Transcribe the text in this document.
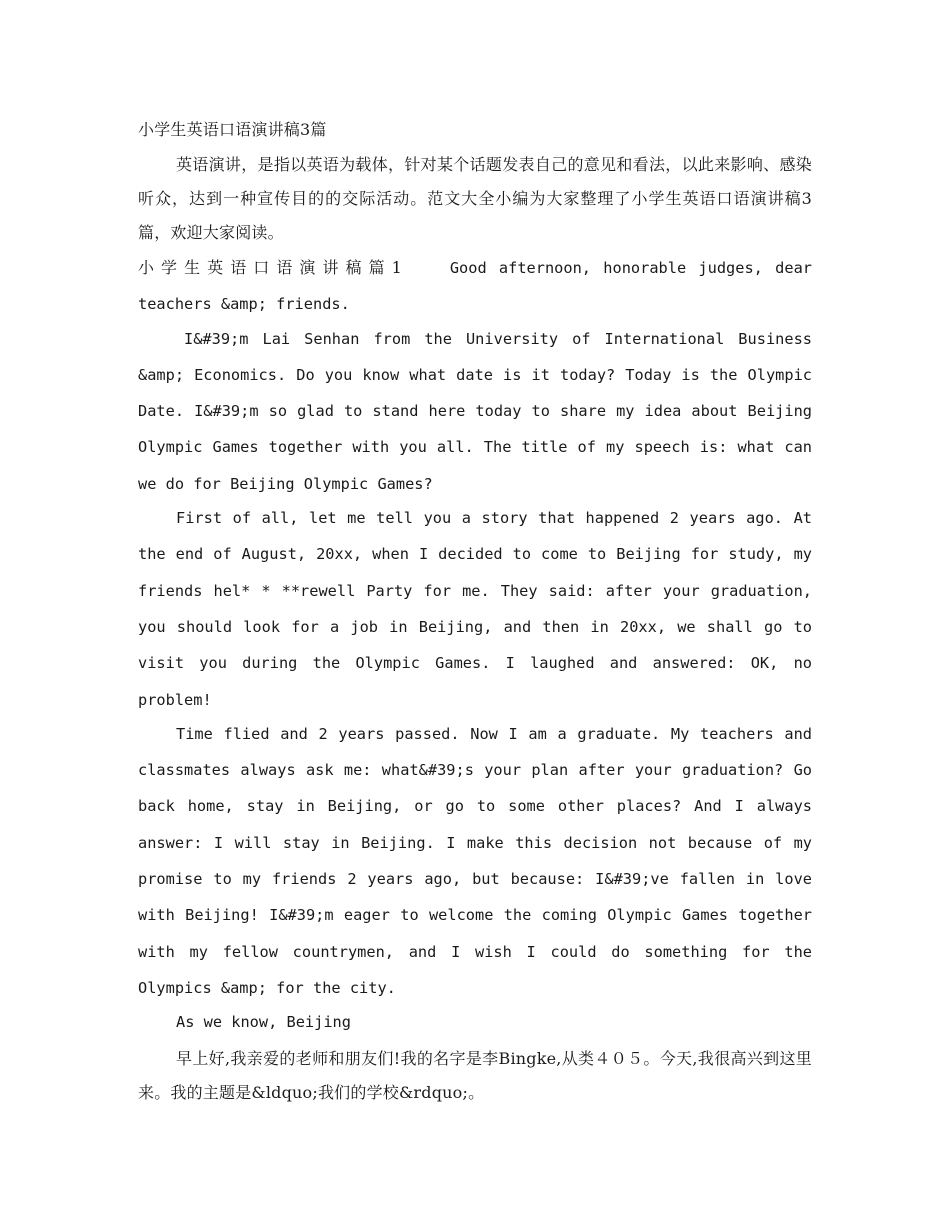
小学生英语口语演讲稿3篇

英语演讲，是指以英语为载体，针对某个话题发表自己的意见和看法，以此来影响、感染听众，达到一种宣传目的的交际活动。范文大全小编为大家整理了小学生英语口语演讲稿3篇，欢迎大家阅读。

小学生英语口语演讲稿篇1	Good afternoon, honorable judges, dear teachers &amp; friends.

I&#39;m Lai Senhan from the University of International Business &amp; Economics. Do you know what date is it today? Today is the Olympic Date. I&#39;m so glad to stand here today to share my idea about Beijing Olympic Games together with you all. The title of my speech is: what can we do for Beijing Olympic Games?

First of all, let me tell you a story that happened 2 years ago. At the end of August, 20xx, when I decided to come to Beijing for study, my friends hel* * **rewell Party for me. They said: after your graduation, you should look for a job in Beijing, and then in 20xx, we shall go to visit you during the Olympic Games. I laughed and answered: OK, no problem!

Time flied and 2 years passed. Now I am a graduate. My teachers and classmates always ask me: what&#39;s your plan after your graduation? Go back home, stay in Beijing, or go to some other places? And I always answer: I will stay in Beijing. I make this decision not because of my promise to my friends 2 years ago, but because: I&#39;ve fallen in love with Beijing! I&#39;m eager to welcome the coming Olympic Games together with my fellow countrymen, and I wish I could do something for the Olympics &amp; for the city.

As we know, Beijing

早上好,我亲爱的老师和朋友们!我的名字是李Bingke,从类４０５。今天,我很高兴到这里来。我的主题是&ldquo;我们的学校&rdquo;。
